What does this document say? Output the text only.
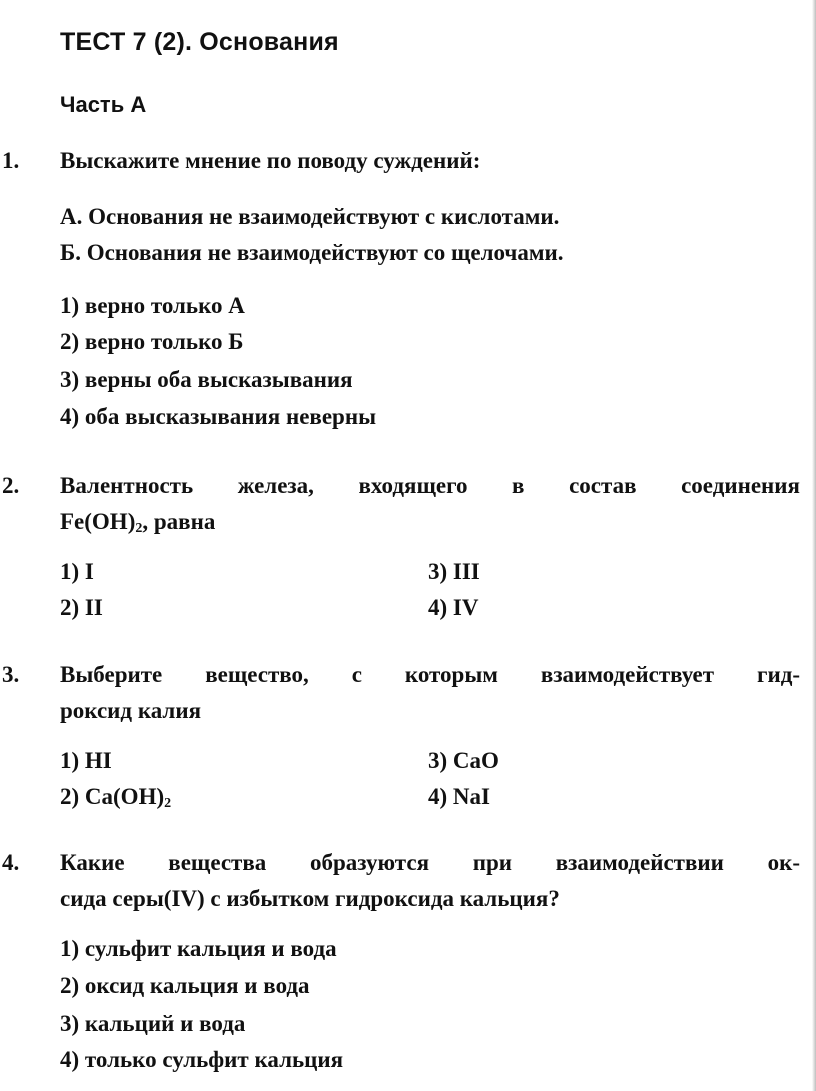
ТЕСТ 7 (2). Основания
Часть А
1. Выскажите мнение по поводу суждений:
А. Основания не взаимодействуют с кислотами.
Б. Основания не взаимодействуют со щелочами.
1) верно только А
2) верно только Б
3) верны оба высказывания
4) оба высказывания неверны
2. Валентность железа, входящего в состав соединения
$Fe(OH)_2$, равна
1) I	3) III
2) II	4) IV
3. Выберите вещество, с которым взаимодействует гид-
роксид калия
1) HI	3) CaO
2) $Ca(OH)_2$	4) NaI
4. Какие вещества образуются при взаимодействии ок-
сида серы(IV) с избытком гидроксида кальция?
1) сульфит кальция и вода
2) оксид кальция и вода
3) кальций и вода
4) только сульфит кальция
